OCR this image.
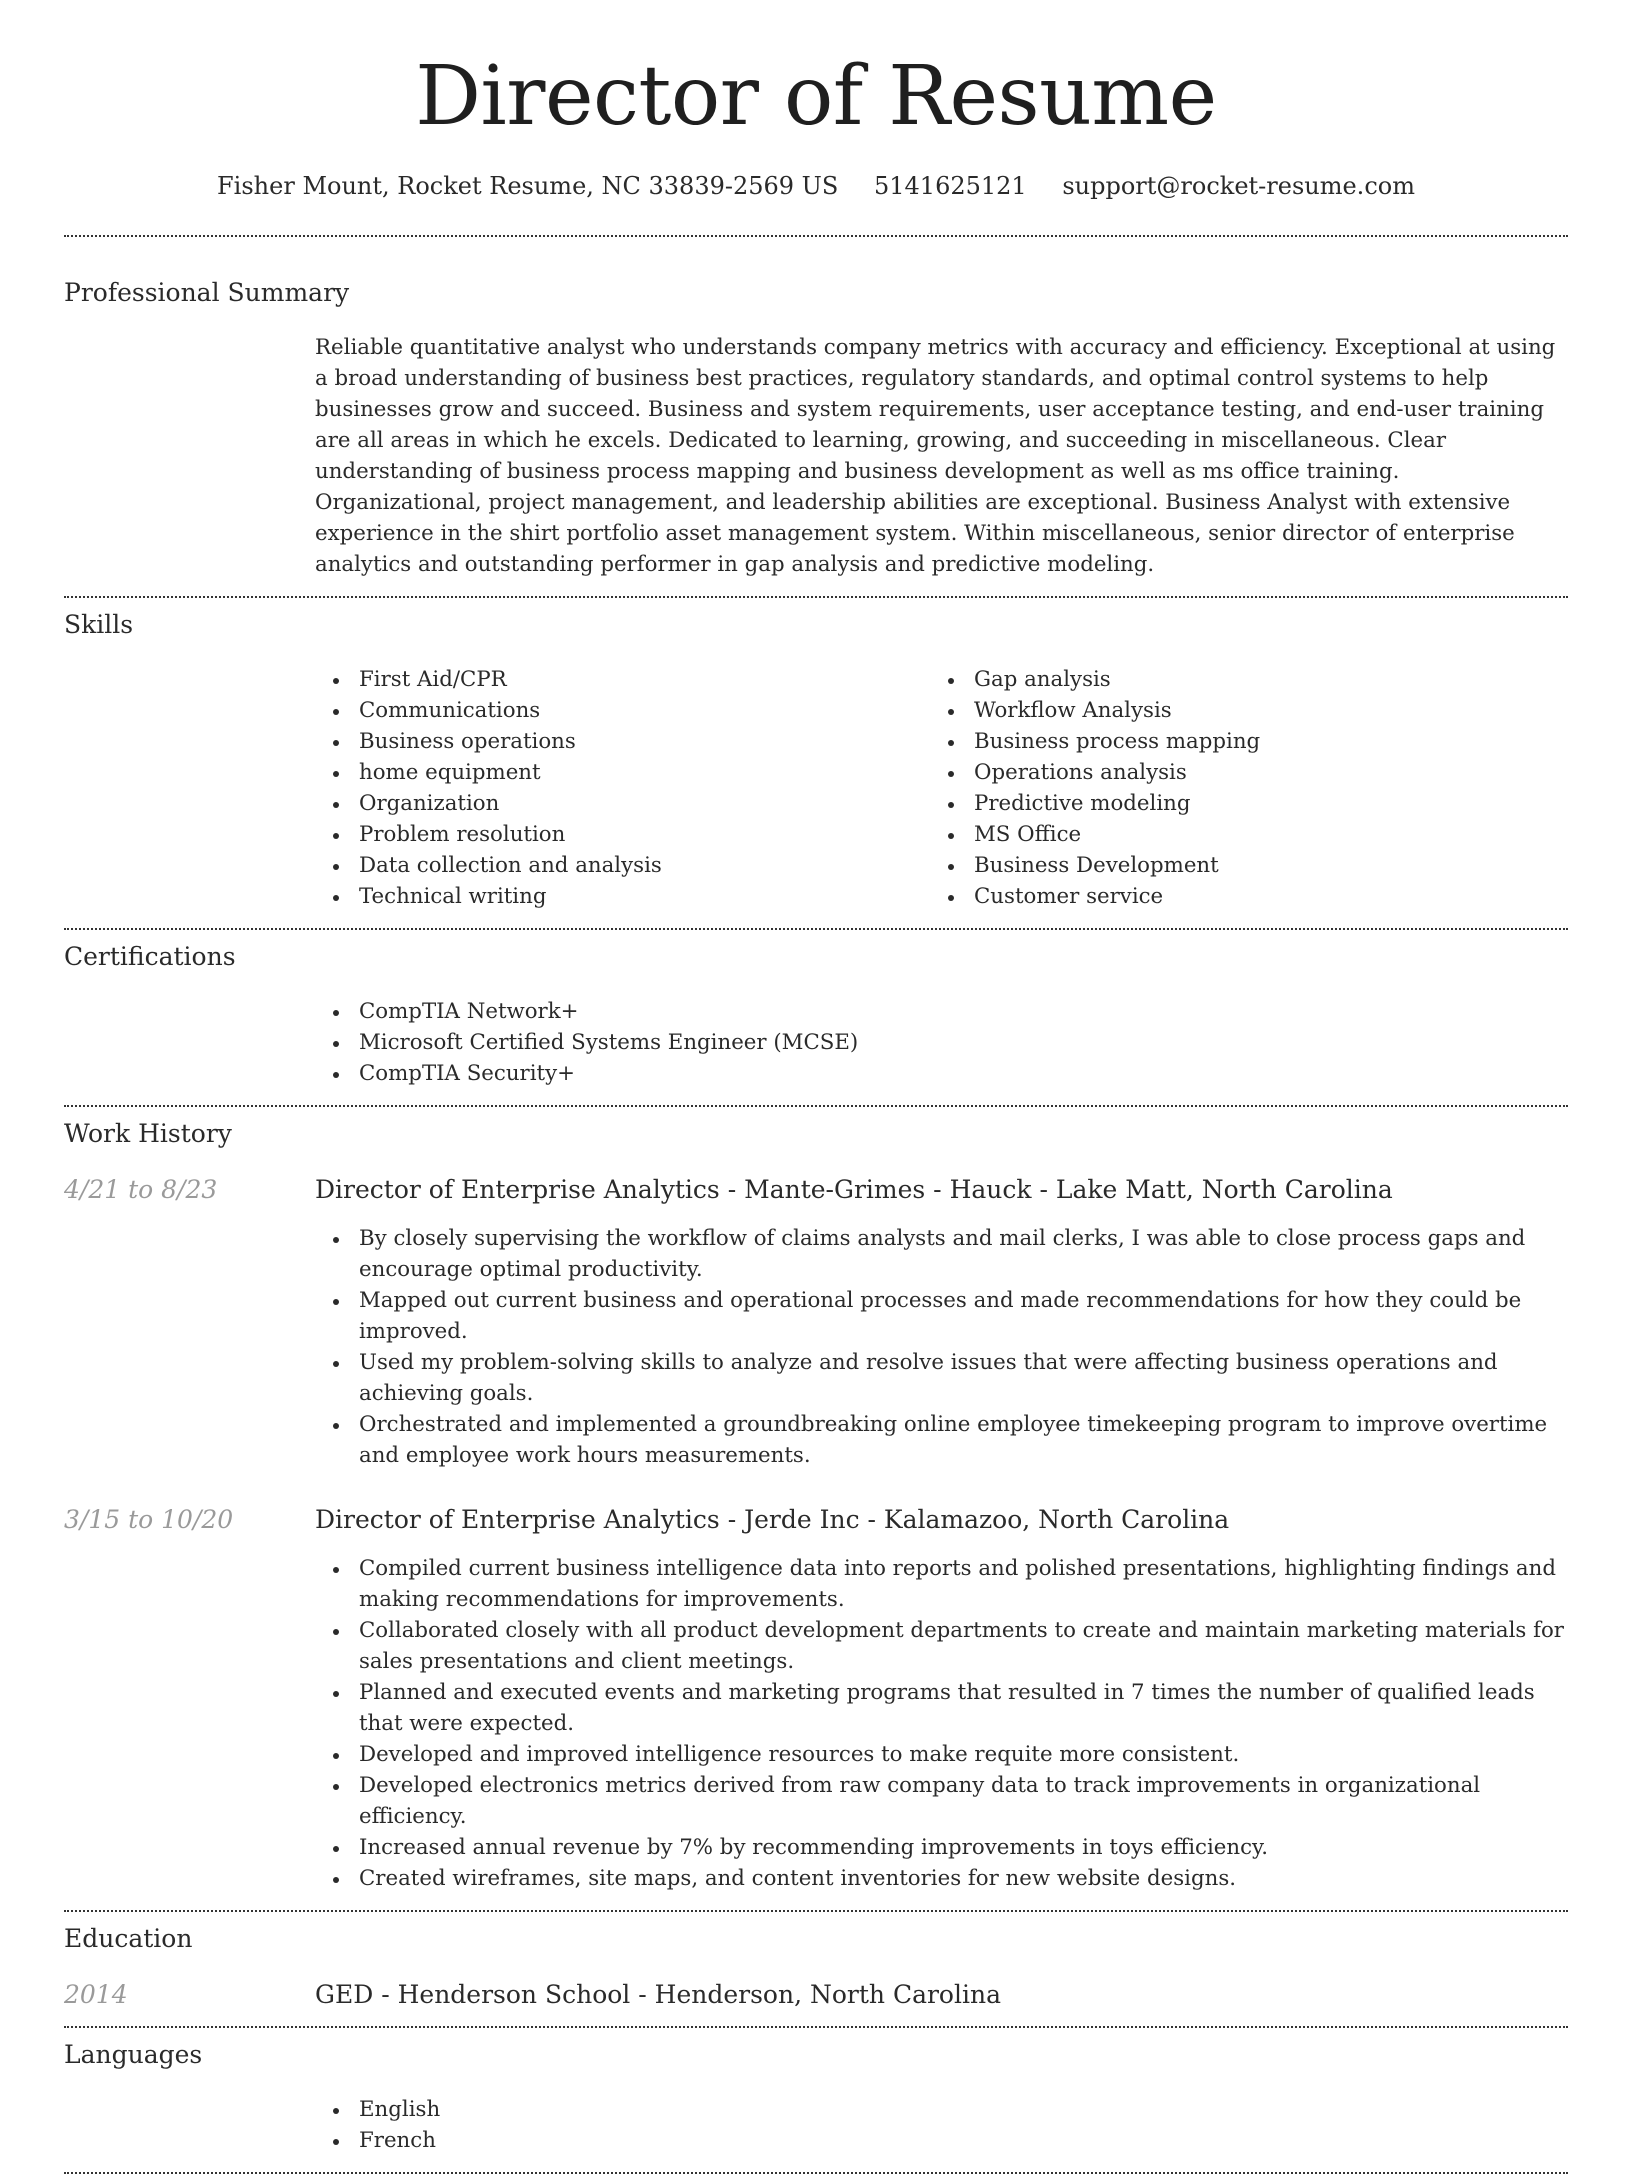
Director of Resume
Fisher Mount, Rocket Resume, NC 33839-2569 US 5141625121 support@rocket-resume.com
Professional Summary

Reliable quantitative analyst who understands company metrics with accuracy and efficiency. Exceptional at using a broad understanding of business best practices, regulatory standards, and optimal control systems to help businesses grow and succeed. Business and system requirements, user acceptance testing, and end-user training are all areas in which he excels. Dedicated to learning, growing, and succeeding in miscellaneous. Clear understanding of business process mapping and business development as well as ms office training. Organizational, project management, and leadership abilities are exceptional. Business Analyst with extensive experience in the shirt portfolio asset management system. Within miscellaneous, senior director of enterprise analytics and outstanding performer in gap analysis and predictive modeling.

Skills
First Aid/CPR
Communications
Business operations
home equipment
Organization
Problem resolution
Data collection and analysis
Technical writing
Gap analysis
Workflow Analysis
Business process mapping
Operations analysis
Predictive modeling
MS Office
Business Development
Customer service
Certifications
CompTIA Network+
Microsoft Certified Systems Engineer (MCSE)
CompTIA Security+
Work History
4/21 to 8/23	Director of Enterprise Analytics - Mante-Grimes - Hauck - Lake Matt, North Carolina
By closely supervising the workflow of claims analysts and mail clerks, I was able to close process gaps and encourage optimal productivity.
Mapped out current business and operational processes and made recommendations for how they could be improved.
Used my problem-solving skills to analyze and resolve issues that were affecting business operations and achieving goals.
Orchestrated and implemented a groundbreaking online employee timekeeping program to improve overtime and employee work hours measurements.
3/15 to 10/20	Director of Enterprise Analytics - Jerde Inc - Kalamazoo, North Carolina
Compiled current business intelligence data into reports and polished presentations, highlighting findings and making recommendations for improvements.
Collaborated closely with all product development departments to create and maintain marketing materials for sales presentations and client meetings.
Planned and executed events and marketing programs that resulted in 7 times the number of qualified leads that were expected.
Developed and improved intelligence resources to make requite more consistent.
Developed electronics metrics derived from raw company data to track improvements in organizational efficiency.
Increased annual revenue by 7% by recommending improvements in toys efficiency.
Created wireframes, site maps, and content inventories for new website designs.
Education
2014	GED - Henderson School - Henderson, North Carolina
Languages
English
French
